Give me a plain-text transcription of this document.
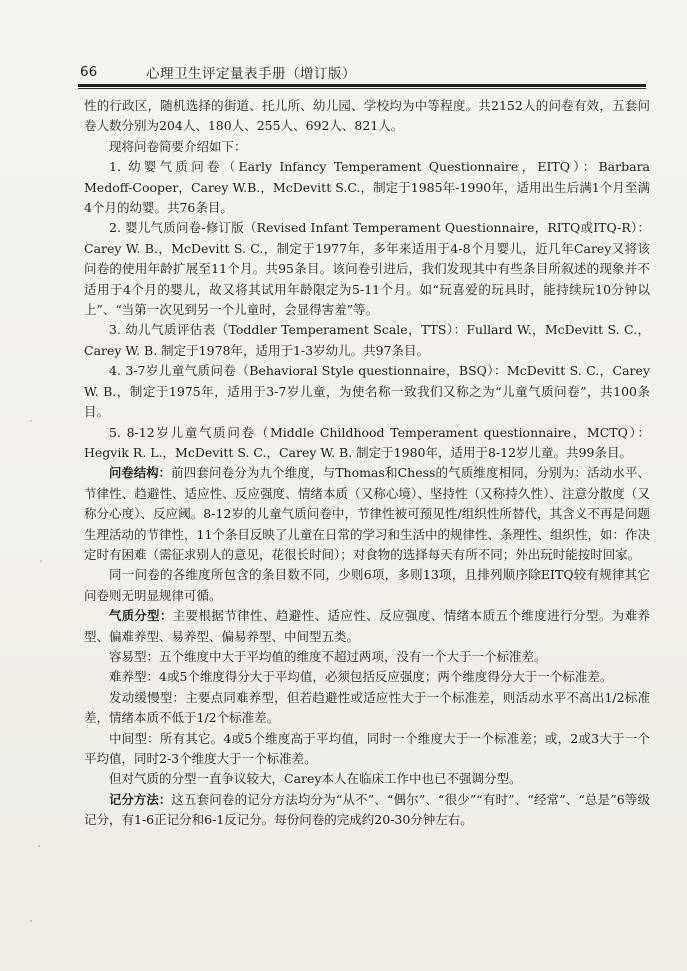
66	心理卫生评定量表手册（增订版）

性的行政区，随机选择的街道、托儿所、幼儿园、学校均为中等程度。共2152人的问卷有效，五套问卷人数分别为204人、180人、255人、692人、821人。

现将问卷简要介绍如下：

1. 幼婴气质问卷（Early Infancy Temperament Questionnaire，EITQ）：Barbara Medoff-Cooper，Carey W.B.，McDevitt S.C.，制定于1985年-1990年，适用出生后满1个月至满4个月的幼婴。共76条目。

2. 婴儿气质问卷-修订版（Revised Infant Temperament Questionnaire，RITQ或ITQ-R）：Carey W. B.，McDevitt S. C.，制定于1977年，多年来适用于4-8个月婴儿，近几年Carey又将该问卷的使用年龄扩展至11个月。共95条目。该问卷引进后，我们发现其中有些条目所叙述的现象并不适用于4个月的婴儿，故又将其试用年龄限定为5-11个月。如“玩喜爱的玩具时，能持续玩10分钟以上”、“当第一次见到另一个儿童时，会显得害羞”等。

3. 幼儿气质评估表（Toddler Temperament Scale，TTS）：Fullard W.，McDevitt S. C.，Carey W. B. 制定于1978年，适用于1-3岁幼儿。共97条目。

4. 3-7岁儿童气质问卷（Behavioral Style questionnaire，BSQ）：McDevitt S. C.，Carey W. B.，制定于1975年，适用于3-7岁儿童，为使名称一致我们又称之为“儿童气质问卷”，共100条目。

5. 8-12岁儿童气质问卷（Middle Childhood Temperament questionnaire，MCTQ）：Hegvik R. L.，McDevitt S. C.，Carey W. B. 制定于1980年，适用于8-12岁儿童。共99条目。

问卷结构：前四套问卷分为九个维度，与Thomas和Chess的气质维度相同，分别为：活动水平、节律性、趋避性、适应性、反应强度、情绪本质（又称心境）、坚持性（又称持久性）、注意分散度（又称分心度）、反应阈。8-12岁的儿童气质问卷中，节律性被可预见性/组织性所替代，其含义不再是问题生理活动的节律性，11个条目反映了儿童在日常的学习和生活中的规律性、条理性、组织性，如：作决定时有困难（需征求别人的意见，花很长时间）；对食物的选择每天有所不同；外出玩时能按时回家。

同一问卷的各维度所包含的条目数不同，少则6项，多则13项，且排列顺序除EITQ较有规律其它问卷则无明显规律可循。

气质分型：主要根据节律性、趋避性、适应性、反应强度、情绪本质五个维度进行分型。为难养型、偏难养型、易养型、偏易养型、中间型五类。

容易型：五个维度中大于平均值的维度不超过两项，没有一个大于一个标准差。

难养型：4或5个维度得分大于平均值，必须包括反应强度；两个维度得分大于一个标准差。

发动缓慢型：主要点同难养型，但若趋避性或适应性大于一个标准差，则活动水平不高出1/2标准差，情绪本质不低于1/2个标准差。

中间型：所有其它。4或5个维度高于平均值，同时一个维度大于一个标准差；或，2或3大于一个平均值，同时2-3个维度大于一个标准差。

但对气质的分型一直争议较大，Carey本人在临床工作中也已不强调分型。

记分方法：这五套问卷的记分方法均分为“从不”、“偶尔”、“很少”“有时”、“经常”、“总是”6等级记分，有1-6正记分和6-1反记分。每份问卷的完成约20-30分钟左右。
